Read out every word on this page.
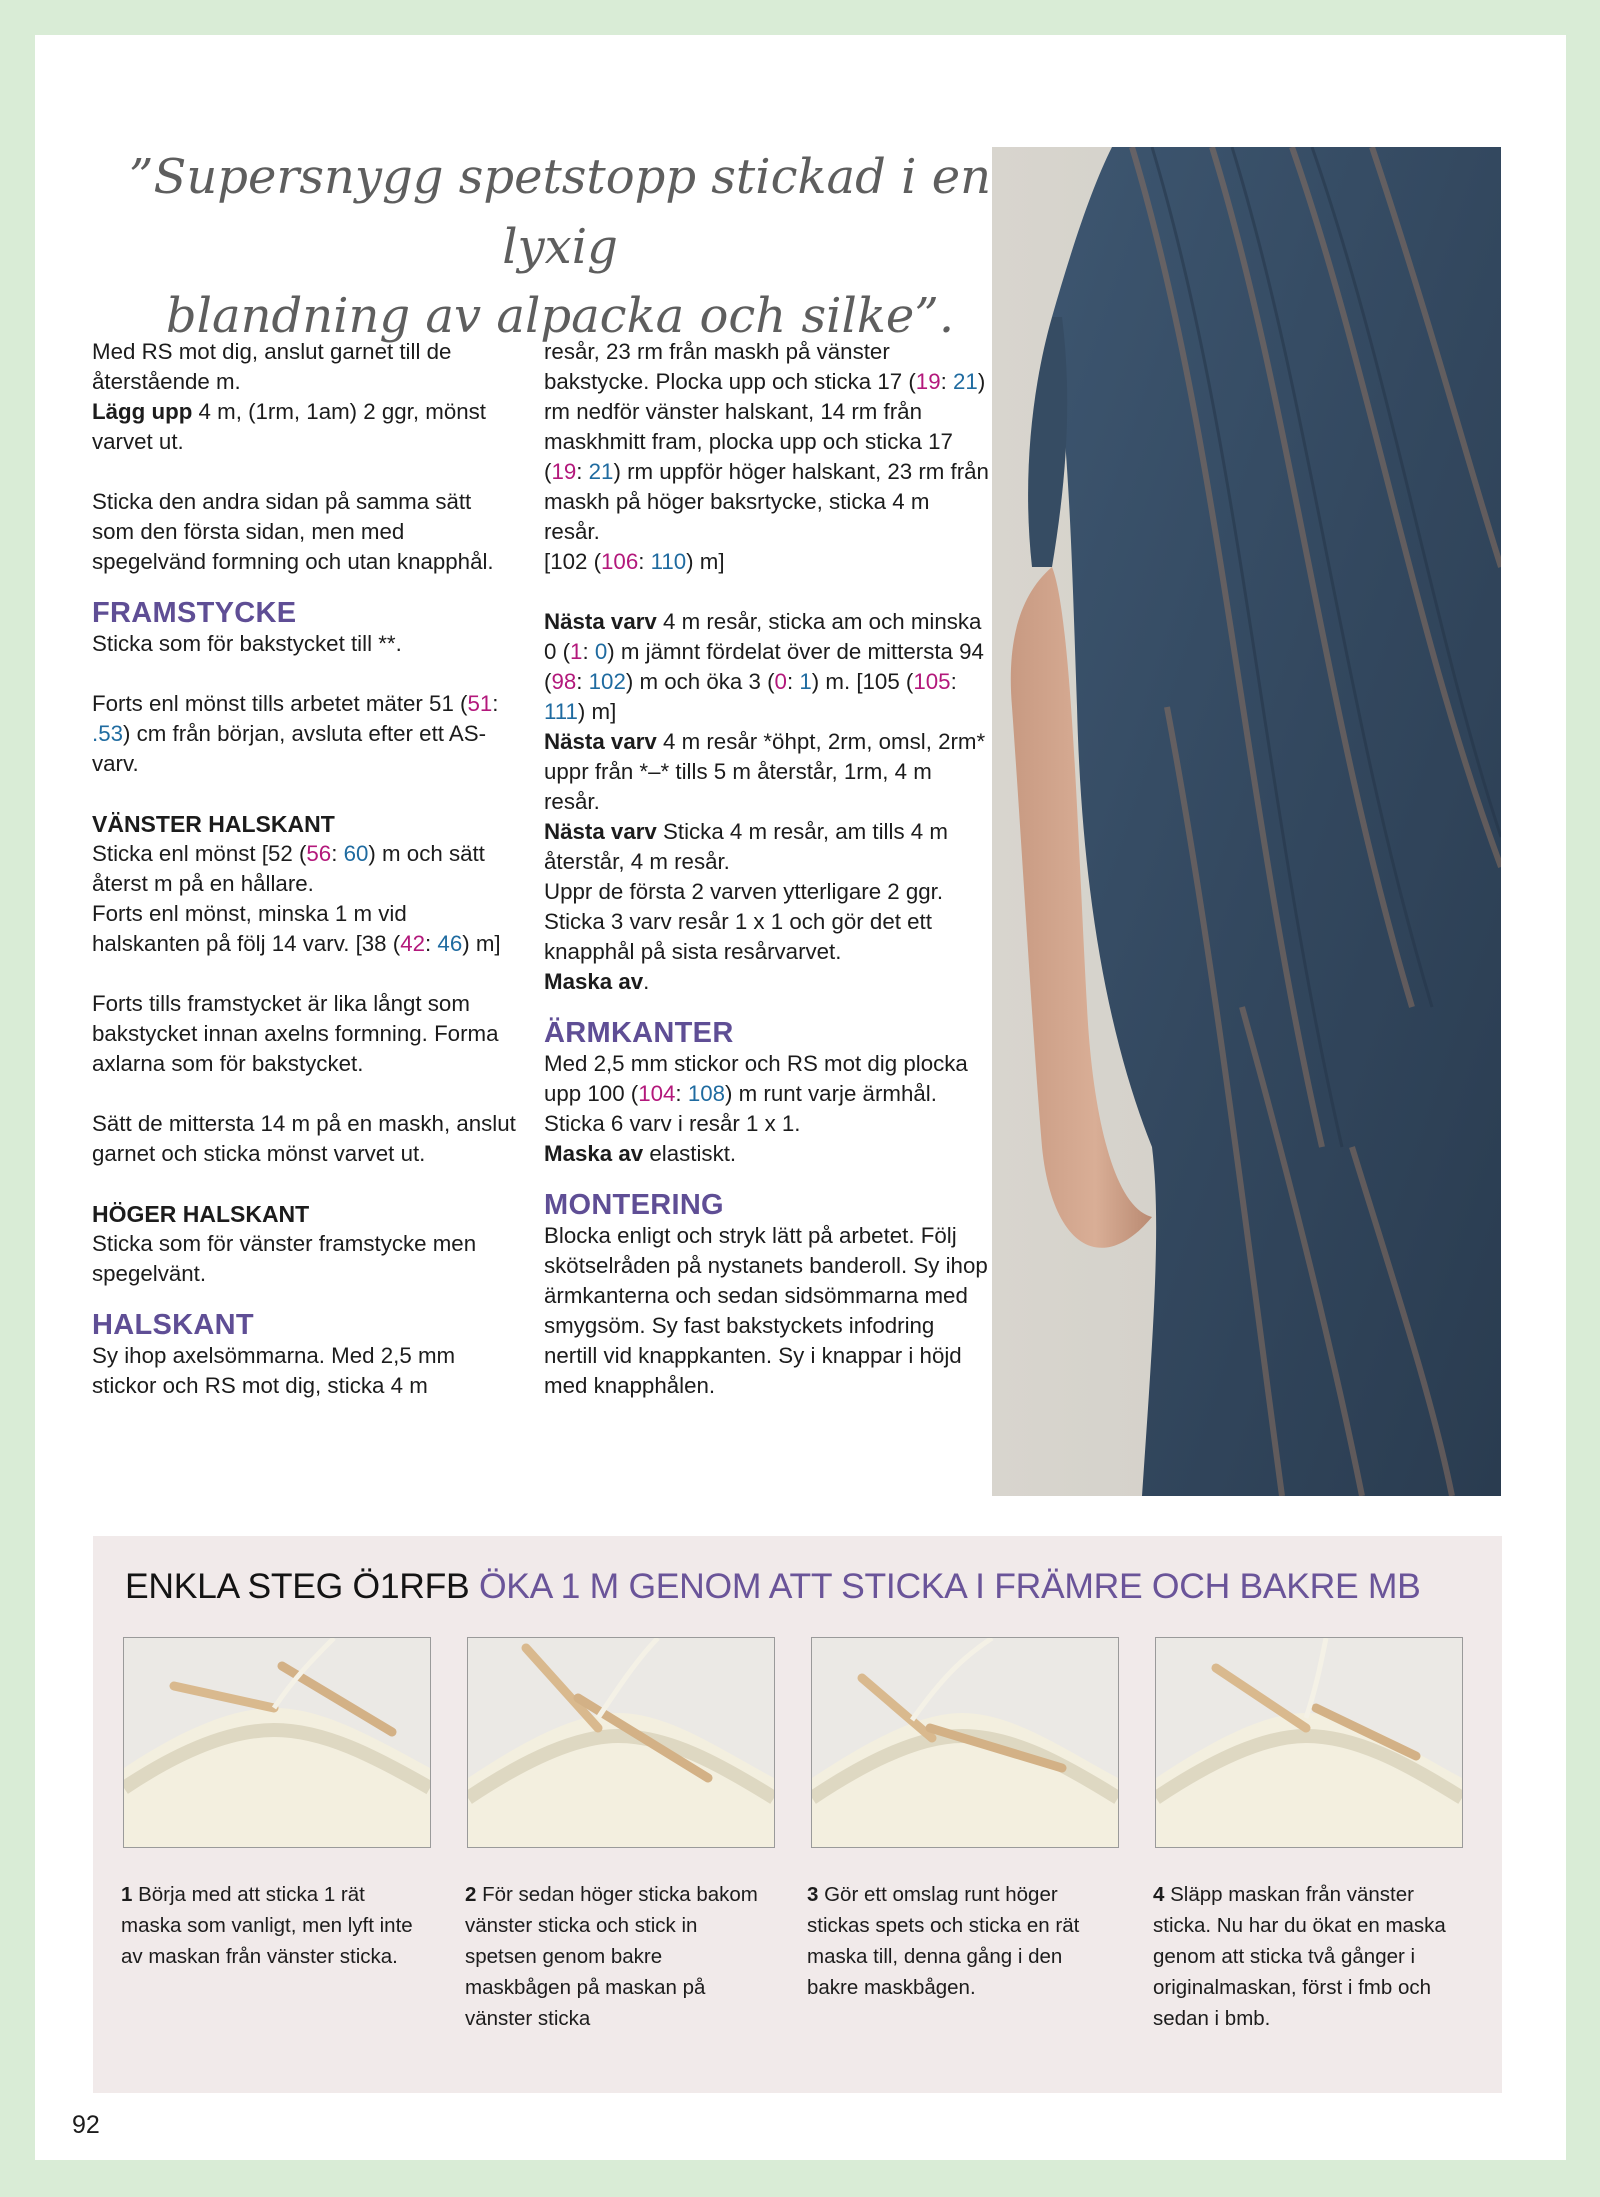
”Supersnygg spetstopp stickad i en lyxig
blandning av alpacka och silke”.

Med RS mot dig, anslut garnet till de återstående m.

Lägg upp 4 m, (1rm, 1am) 2 ggr, mönst varvet ut.

Sticka den andra sidan på samma sätt som den första sidan, men med spegelvänd formning och utan knapphål.

FRAMSTYCKE

Sticka som för bakstycket till **.

Forts enl mönst tills arbetet mäter 51 (51: .53) cm från början, avsluta efter ett AS-varv.

VÄNSTER HALSKANT

Sticka enl mönst [52 (56: 60) m och sätt återst m på en hållare.

Forts enl mönst, minska 1 m vid halskanten på följ 14 varv. [38 (42: 46) m]

Forts tills framstycket är lika långt som bakstycket innan axelns formning. Forma axlarna som för bakstycket.

Sätt de mittersta 14 m på en maskh, anslut garnet och sticka mönst varvet ut.

HÖGER HALSKANT

Sticka som för vänster framstycke men spegelvänt.

HALSKANT

Sy ihop axelsömmarna. Med 2,5 mm stickor och RS mot dig, sticka 4 m

resår, 23 rm från maskh på vänster bakstycke. Plocka upp och sticka 17 (19: 21) rm nedför vänster halskant, 14 rm från maskhmitt fram, plocka upp och sticka 17 (19: 21) rm uppför höger halskant, 23 rm från maskh på höger baksrtycke, sticka 4 m resår.

[102 (106: 110) m]

Nästa varv 4 m resår, sticka am och minska 0 (1: 0) m jämnt fördelat över de mittersta 94 (98: 102) m och öka 3 (0: 1) m. [105 (105: 111) m]

Nästa varv 4 m resår *öhpt, 2rm, omsl, 2rm* uppr från *–* tills 5 m återstår, 1rm, 4 m resår.

Nästa varv Sticka 4 m resår, am tills 4 m återstår, 4 m resår.

Uppr de första 2 varven ytterligare 2 ggr.

Sticka 3 varv resår 1 x 1 och gör det ett knapphål på sista resårvarvet.

Maska av.

ÄRMKANTER

Med 2,5 mm stickor och RS mot dig plocka upp 100 (104: 108) m runt varje ärmhål.

Sticka 6 varv i resår 1 x 1.

Maska av elastiskt.

MONTERING

Blocka enligt och stryk lätt på arbetet. Följ skötselråden på nystanets banderoll. Sy ihop ärmkanterna och sedan sidsömmarna med smygsöm. Sy fast bakstyckets infodring nertill vid knappkanten. Sy i knappar i höjd med knapphålen.

ENKLA STEG Ö1RFB ÖKA 1 M GENOM ATT STICKA I FRÄMRE OCH BAKRE MB
1 Börja med att sticka 1 rät maska som vanligt, men lyft inte av maskan från vänster sticka.
2 För sedan höger sticka bakom vänster sticka och stick in spetsen genom bakre maskbågen på maskan på vänster sticka
3 Gör ett omslag runt höger stickas spets och sticka en rät maska till, denna gång i den bakre maskbågen.
4 Släpp maskan från vänster sticka. Nu har du ökat en maska genom att sticka två gånger i originalmaskan, först i fmb och sedan i bmb.
92
